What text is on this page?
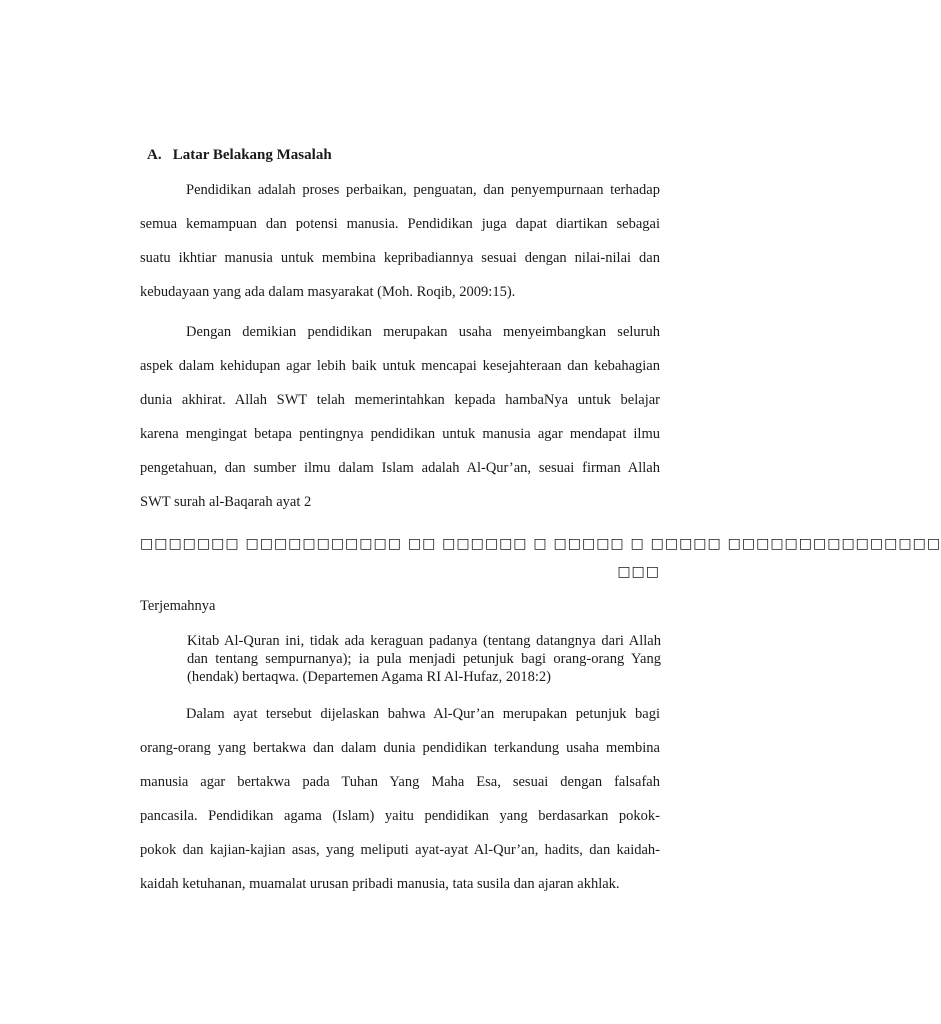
A. Latar Belakang Masalah
Pendidikan adalah proses perbaikan, penguatan, dan penyempurnaan terhadap
semua kemampuan dan potensi manusia. Pendidikan juga dapat diartikan sebagai
suatu ikhtiar manusia untuk membina kepribadiannya sesuai dengan nilai-nilai dan
kebudayaan yang ada dalam masyarakat (Moh. Roqib, 2009:15).
Dengan demikian pendidikan merupakan usaha menyeimbangkan seluruh
aspek dalam kehidupan agar lebih baik untuk mencapai kesejahteraan dan kebahagian
dunia akhirat. Allah SWT telah memerintahkan kepada hambaNya untuk belajar
karena mengingat betapa pentingnya pendidikan untuk manusia agar mendapat ilmu
pengetahuan, dan sumber ilmu dalam Islam adalah Al-Qur’an, sesuai firman Allah
SWT surah al-Baqarah ayat 2
□□□□□□□ □□□□□□□□□□□ □□ □□□□□□ □ □□□□□ □ □□□□□ □□□□□□□□□□□□□□□
□□□
Terjemahnya
Kitab Al-Quran ini, tidak ada keraguan padanya (tentang datangnya dari Allah
dan tentang sempurnanya); ia pula menjadi petunjuk bagi orang-orang Yang
(hendak) bertaqwa. (Departemen Agama RI Al-Hufaz, 2018:2)
Dalam ayat tersebut dijelaskan bahwa Al-Qur’an merupakan petunjuk bagi
orang-orang yang bertakwa dan dalam dunia pendidikan terkandung usaha membina
manusia agar bertakwa pada Tuhan Yang Maha Esa, sesuai dengan falsafah
pancasila. Pendidikan agama (Islam) yaitu pendidikan yang berdasarkan pokok-
pokok dan kajian-kajian asas, yang meliputi ayat-ayat Al-Qur’an, hadits, dan kaidah-
kaidah ketuhanan, muamalat urusan pribadi manusia, tata susila dan ajaran akhlak.
